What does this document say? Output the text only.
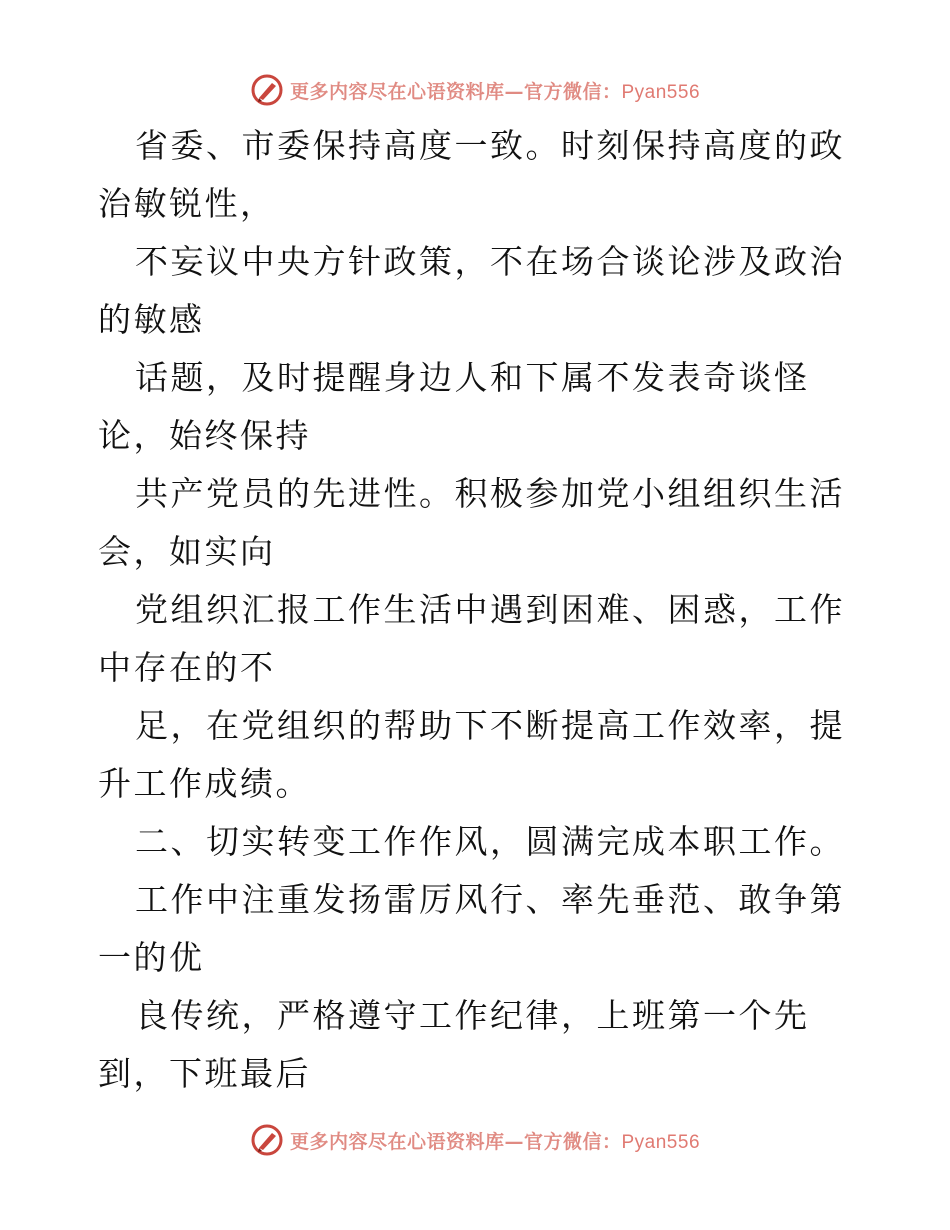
更多内容尽在心语资料库—官方微信：Pyan556

省委、市委保持高度一致。时刻保持高度的政治敏锐性，

不妄议中央方针政策，不在场合谈论涉及政治的敏感

话题，及时提醒身边人和下属不发表奇谈怪论，始终保持

共产党员的先进性。积极参加党小组组织生活会，如实向

党组织汇报工作生活中遇到困难、困惑，工作中存在的不

足，在党组织的帮助下不断提高工作效率，提升工作成绩。

二、切实转变工作作风，圆满完成本职工作。

工作中注重发扬雷厉风行、率先垂范、敢争第一的优

良传统，严格遵守工作纪律，上班第一个先到，下班最后

更多内容尽在心语资料库—官方微信：Pyan556
